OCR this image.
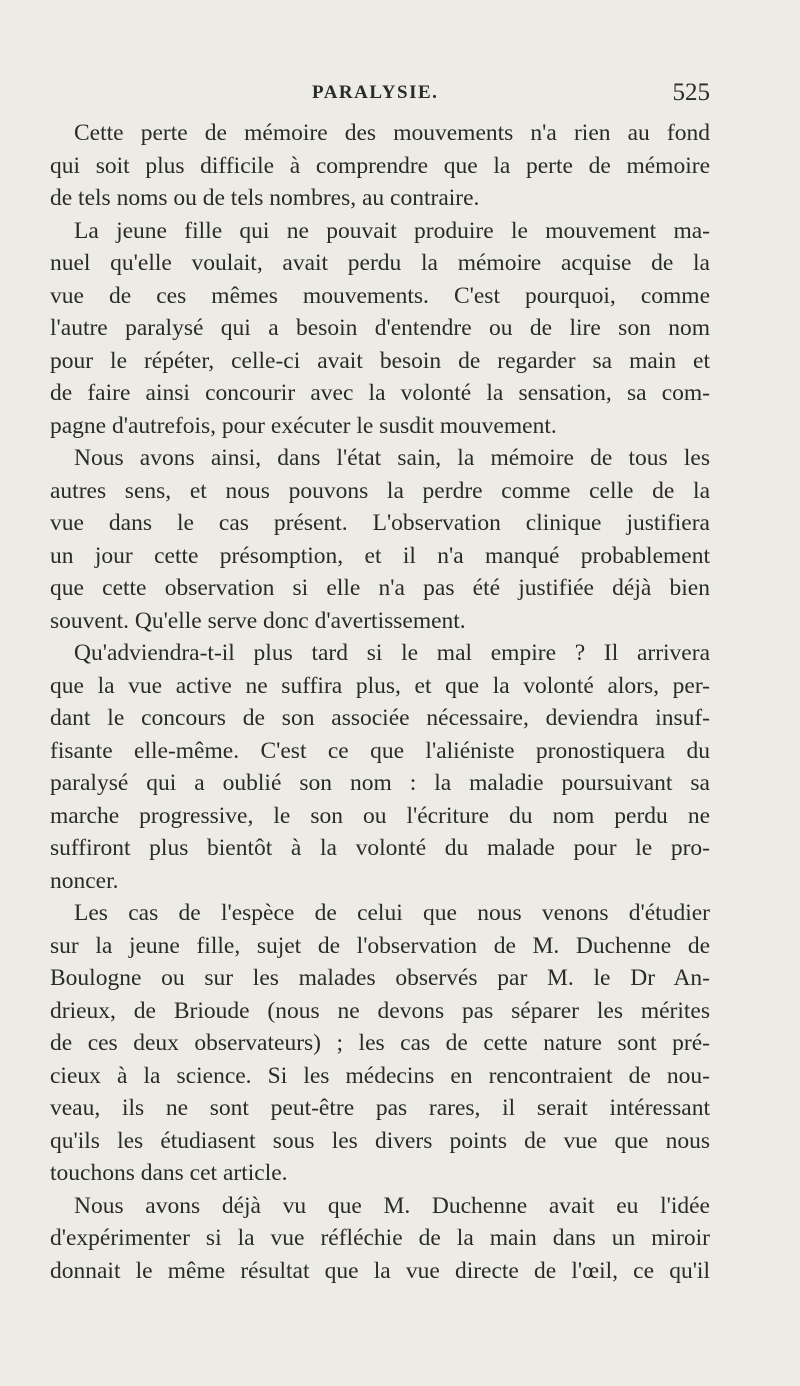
PARALYSIE.	525
Cette perte de mémoire des mouvements n'a rien au fond
qui soit plus difficile à comprendre que la perte de mémoire
de tels noms ou de tels nombres, au contraire.
La jeune fille qui ne pouvait produire le mouvement ma-
nuel qu'elle voulait, avait perdu la mémoire acquise de la
vue de ces mêmes mouvements. C'est pourquoi, comme
l'autre paralysé qui a besoin d'entendre ou de lire son nom
pour le répéter, celle-ci avait besoin de regarder sa main et
de faire ainsi concourir avec la volonté la sensation, sa com-
pagne d'autrefois, pour exécuter le susdit mouvement.
Nous avons ainsi, dans l'état sain, la mémoire de tous les
autres sens, et nous pouvons la perdre comme celle de la
vue dans le cas présent. L'observation clinique justifiera
un jour cette présomption, et il n'a manqué probablement
que cette observation si elle n'a pas été justifiée déjà bien
souvent. Qu'elle serve donc d'avertissement.
Qu'adviendra-t-il plus tard si le mal empire ? Il arrivera
que la vue active ne suffira plus, et que la volonté alors, per-
dant le concours de son associée nécessaire, deviendra insuf-
fisante elle-même. C'est ce que l'aliéniste pronostiquera du
paralysé qui a oublié son nom : la maladie poursuivant sa
marche progressive, le son ou l'écriture du nom perdu ne
suffiront plus bientôt à la volonté du malade pour le pro-
noncer.
Les cas de l'espèce de celui que nous venons d'étudier
sur la jeune fille, sujet de l'observation de M. Duchenne de
Boulogne ou sur les malades observés par M. le Dr An-
drieux, de Brioude (nous ne devons pas séparer les mérites
de ces deux observateurs) ; les cas de cette nature sont pré-
cieux à la science. Si les médecins en rencontraient de nou-
veau, ils ne sont peut-être pas rares, il serait intéressant
qu'ils les étudiasent sous les divers points de vue que nous
touchons dans cet article.
Nous avons déjà vu que M. Duchenne avait eu l'idée
d'expérimenter si la vue réfléchie de la main dans un miroir
donnait le même résultat que la vue directe de l'œil, ce qu'il
